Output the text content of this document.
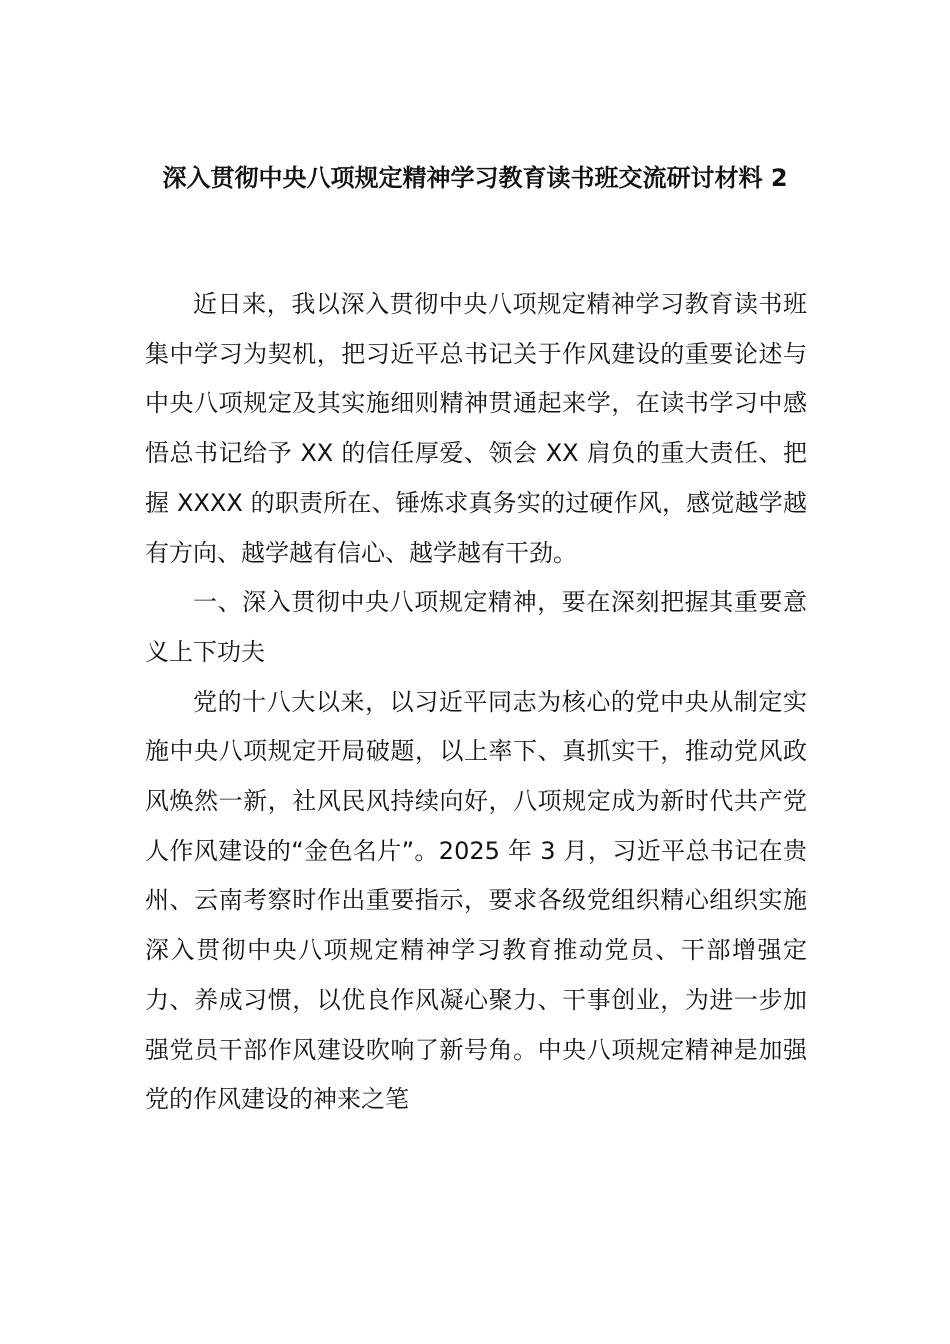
深入贯彻中央八项规定精神学习教育读书班交流研讨材料 2

近日来，我以深入贯彻中央八项规定精神学习教育读书班集中学习为契机，把习近平总书记关于作风建设的重要论述与中央八项规定及其实施细则精神贯通起来学，在读书学习中感悟总书记给予 XX 的信任厚爱、领会 XX 肩负的重大责任、把握 XXXX 的职责所在、锤炼求真务实的过硬作风，感觉越学越有方向、越学越有信心、越学越有干劲。

一、深入贯彻中央八项规定精神，要在深刻把握其重要意义上下功夫

党的十八大以来，以习近平同志为核心的党中央从制定实施中央八项规定开局破题，以上率下、真抓实干，推动党风政风焕然一新，社风民风持续向好，八项规定成为新时代共产党人作风建设的“金色名片”。2025 年 3 月，习近平总书记在贵州、云南考察时作出重要指示，要求各级党组织精心组织实施深入贯彻中央八项规定精神学习教育推动党员、干部增强定力、养成习惯，以优良作风凝心聚力、干事创业，为进一步加强党员干部作风建设吹响了新号角。中央八项规定精神是加强党的作风建设的神来之笔
